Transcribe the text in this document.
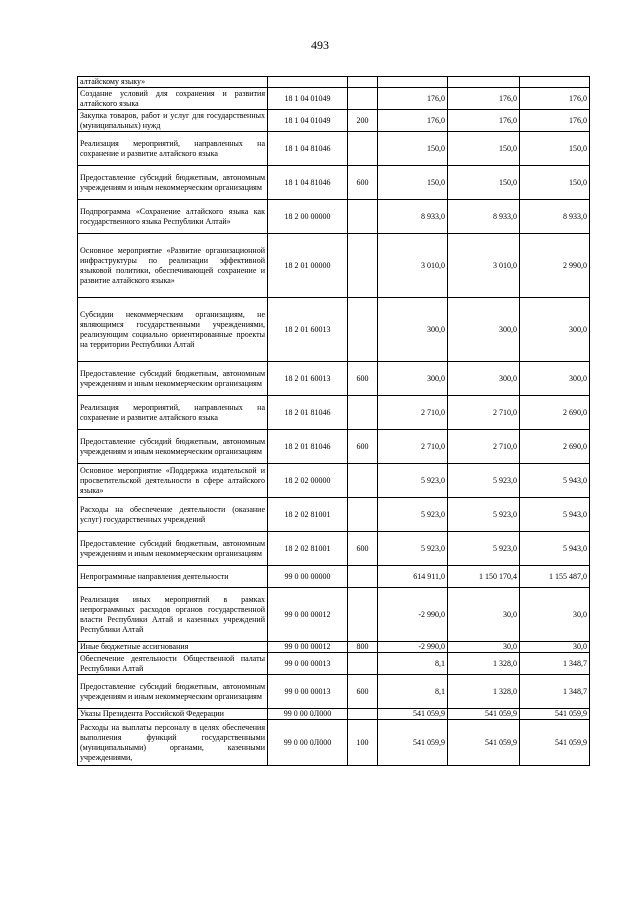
493
алтайскому языку»					
Создание условий для сохранения и развития алтайского языка	18 1 04 01049		176,0	176,0	176,0
Закупка товаров, работ и услуг для государственных (муниципальных) нужд	18 1 04 01049	200	176,0	176,0	176,0
Реализация мероприятий, направленных на сохранение и развитие алтайского языка	18 1 04 81046		150,0	150,0	150,0
Предоставление субсидий бюджетным, автономным учреждениям и иным некоммерческим организациям	18 1 04 81046	600	150,0	150,0	150,0
Подпрограмма «Сохранение алтайского языка как государственного языка Республики Алтай»	18 2 00 00000		8 933,0	8 933,0	8 933,0
Основное мероприятие «Развитие организационной инфраструктуры по реализации эффективной языковой политики, обеспечивающей сохранение и развитие алтайского языка»	18 2 01 00000		3 010,0	3 010,0	2 990,0
Субсидии некоммерческим организациям, не являющимся государственными учреждениями, реализующим социально ориентированные проекты на территории Республики Алтай	18 2 01 60013		300,0	300,0	300,0
Предоставление субсидий бюджетным, автономным учреждениям и иным некоммерческим организациям	18 2 01 60013	600	300,0	300,0	300,0
Реализация мероприятий, направленных на сохранение и развитие алтайского языка	18 2 01 81046		2 710,0	2 710,0	2 690,0
Предоставление субсидий бюджетным, автономным учреждениям и иным некоммерческим организациям	18 2 01 81046	600	2 710,0	2 710,0	2 690,0
Основное мероприятие «Поддержка издательской и просветительской деятельности в сфере алтайского языка»	18 2 02 00000		5 923,0	5 923,0	5 943,0
Расходы на обеспечение деятельности (оказание услуг) государственных учреждений	18 2 02 81001		5 923,0	5 923,0	5 943,0
Предоставление субсидий бюджетным, автономным учреждениям и иным некоммерческим организациям	18 2 02 81001	600	5 923,0	5 923,0	5 943,0
Непрограммные направления деятельности	99 0 00 00000		614 911,0	1 150 170,4	1 155 487,0
Реализация иных мероприятий в рамках непрограммных расходов органов государственной власти Республики Алтай и казенных учреждений Республики Алтай	99 0 00 00012		-2 990,0	30,0	30,0
Иные бюджетные ассигнования	99 0 00 00012	800	-2 990,0	30,0	30,0
Обеспечение деятельности Общественной палаты Республики Алтай	99 0 00 00013		8,1	1 328,0	1 348,7
Предоставление субсидий бюджетным, автономным учреждениям и иным некоммерческим организациям	99 0 00 00013	600	8,1	1 328,0	1 348,7
Указы Президента Российской Федерации	99 0 00 0Л000		541 059,9	541 059,9	541 059,9
Расходы на выплаты персоналу в целях обеспечения выполнения функций государственными (муниципальными) органами, казенными учреждениями,	99 0 00 0Л000	100	541 059,9	541 059,9	541 059,9
